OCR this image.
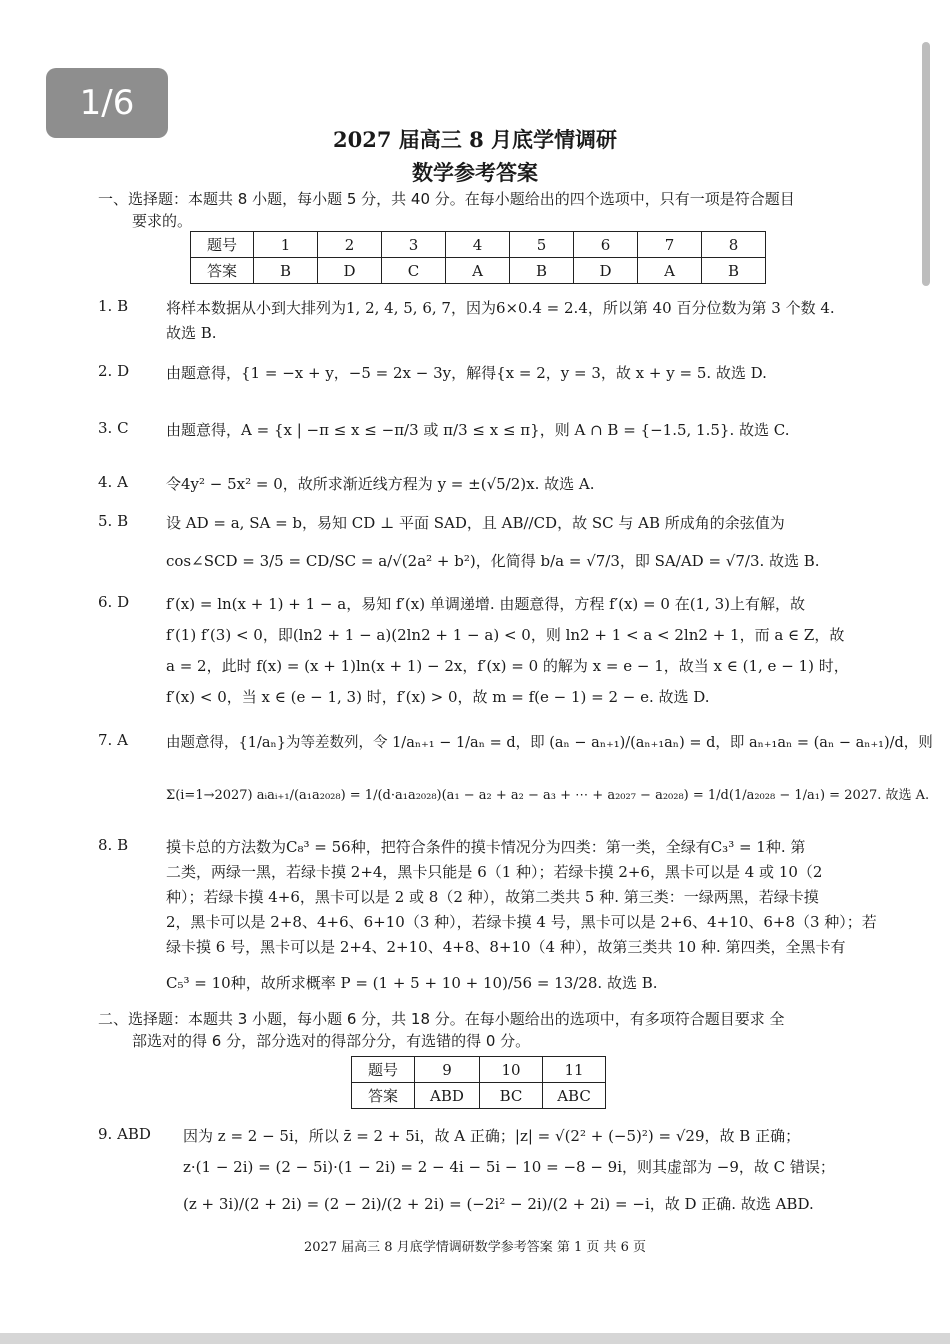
1/6
2027 届高三 8 月底学情调研
数学参考答案
一、选择题：本题共 8 小题，每小题 5 分，共 40 分。在每小题给出的四个选项中，只有一项是符合题目
要求的。
题号	1	2	3	4	5	6	7	8
答案	B	D	C	A	B	D	A	B
1. B	将样本数据从小到大排列为1, 2, 4, 5, 6, 7，因为6×0.4 = 2.4，所以第 40 百分位数为第 3 个数 4.
故选 B.
2. D 由题意得，{1 = −x + y，−5 = 2x − 3y，解得{x = 2，y = 3，故 x + y = 5. 故选 D.
3. C 由题意得，A = {x | −π ≤ x ≤ −π/3 或 π/3 ≤ x ≤ π}，则 A ∩ B = {−1.5, 1.5}. 故选 C.
4. A	令4y² − 5x² = 0，故所求渐近线方程为 y = ±(√5/2)x. 故选 A.
5. B	设 AD = a, SA = b，易知 CD ⊥ 平面 SAD，且 AB//CD，故 SC 与 AB 所成角的余弦值为
cos∠SCD = 3/5 = CD/SC = a/√(2a² + b²)，化简得 b/a = √7/3，即 SA/AD = √7/3. 故选 B.
6. D f′(x) = ln(x + 1) + 1 − a，易知 f′(x) 单调递增. 由题意得，方程 f′(x) = 0 在(1, 3)上有解，故
f′(1) f′(3) < 0，即(ln2 + 1 − a)(2ln2 + 1 − a) < 0，则 ln2 + 1 < a < 2ln2 + 1，而 a ∈ Z，故
a = 2，此时 f(x) = (x + 1)ln(x + 1) − 2x，f′(x) = 0 的解为 x = e − 1，故当 x ∈ (1, e − 1) 时，
f′(x) < 0，当 x ∈ (e − 1, 3) 时，f′(x) > 0，故 m = f(e − 1) = 2 − e. 故选 D.
7. A	由题意得，{1/aₙ}为等差数列，令 1/aₙ₊₁ − 1/aₙ = d，即 (aₙ − aₙ₊₁)/(aₙ₊₁aₙ) = d，即 aₙ₊₁aₙ = (aₙ − aₙ₊₁)/d，则
Σ(i=1→2027) aᵢaᵢ₊₁/(a₁a₂₀₂₈) = 1/(d·a₁a₂₀₂₈)(a₁ − a₂ + a₂ − a₃ + ⋯ + a₂₀₂₇ − a₂₀₂₈) = 1/d(1/a₂₀₂₈ − 1/a₁) = 2027. 故选 A.
8. B	摸卡总的方法数为C₈³ = 56种，把符合条件的摸卡情况分为四类：第一类，全绿有C₃³ = 1种. 第
二类，两绿一黑，若绿卡摸 2+4，黑卡只能是 6（1 种）；若绿卡摸 2+6，黑卡可以是 4 或 10（2
种）；若绿卡摸 4+6，黑卡可以是 2 或 8（2 种），故第二类共 5 种. 第三类：一绿两黑，若绿卡摸
2，黑卡可以是 2+8、4+6、6+10（3 种），若绿卡摸 4 号，黑卡可以是 2+6、4+10、6+8（3 种）；若
绿卡摸 6 号，黑卡可以是 2+4、2+10、4+8、8+10（4 种），故第三类共 10 种. 第四类，全黑卡有
C₅³ = 10种，故所求概率 P = (1 + 5 + 10 + 10)/56 = 13/28. 故选 B.
二、选择题：本题共 3 小题，每小题 6 分，共 18 分。在每小题给出的选项中，有多项符合题目要求 全
部选对的得 6 分，部分选对的得部分分，有选错的得 0 分。
题号	9	10	11
答案	ABD	BC	ABC
9. ABD 因为 z = 2 − 5i，所以 z̄ = 2 + 5i，故 A 正确；|z| = √(2² + (−5)²) = √29，故 B 正确；
z·(1 − 2i) = (2 − 5i)·(1 − 2i) = 2 − 4i − 5i − 10 = −8 − 9i，则其虚部为 −9，故 C 错误；
(z + 3i)/(2 + 2i) = (2 − 2i)/(2 + 2i) = (−2i² − 2i)/(2 + 2i) = −i，故 D 正确. 故选 ABD.
2027 届高三 8 月底学情调研数学参考答案 第 1 页 共 6 页
